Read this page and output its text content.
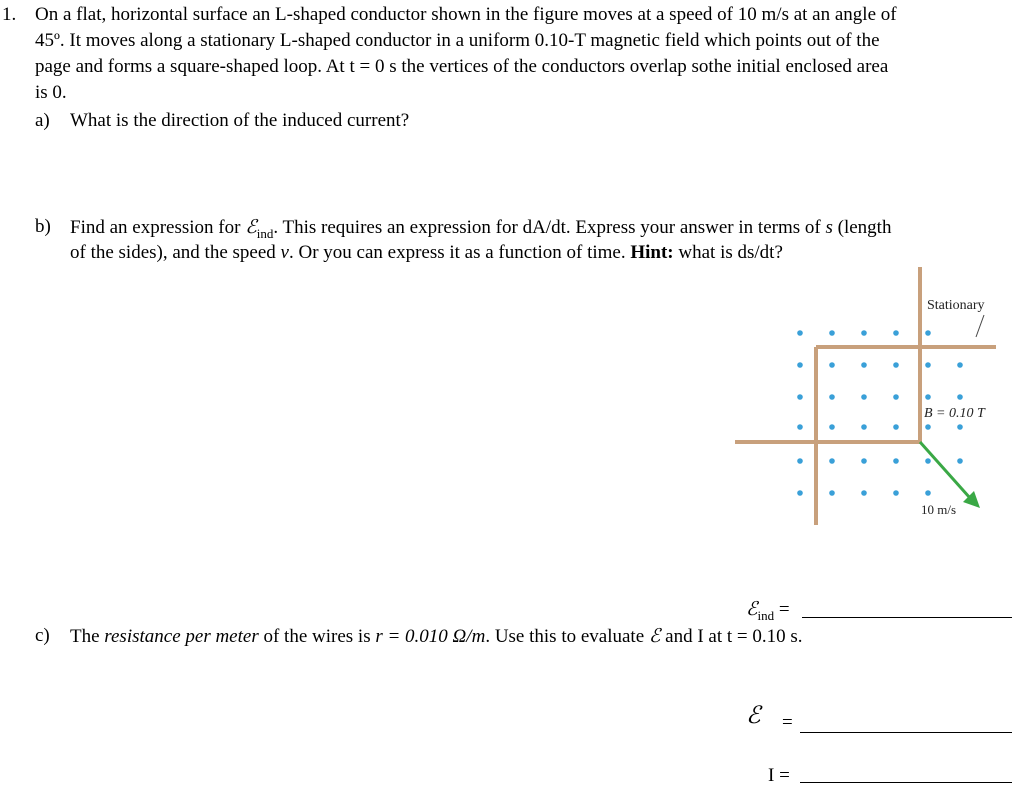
1. On a flat, horizontal surface an L-shaped conductor shown in the figure moves at a speed of 10 m/s at an angle of
45º. It moves along a stationary L-shaped conductor in a uniform 0.10-T magnetic field which points out of the
page and forms a square-shaped loop. At t = 0 s the vertices of the conductors overlap sothe initial enclosed area
is 0.
a) What is the direction of the induced current?
b) Find an expression for ℰ$_{ind}$. This requires an expression for dA/dt. Express your answer in terms of s (length
of the sides), and the speed v. Or you can express it as a function of time. Hint: what is ds/dt?
Stationary
B = 0.10 T
10 m/s
ℰ$_{ind}$ =
c) The resistance per meter of the wires is r = 0.010 Ω/m. Use this to evaluate ℰ and I at t = 0.10 s.
ℰ =
I =
